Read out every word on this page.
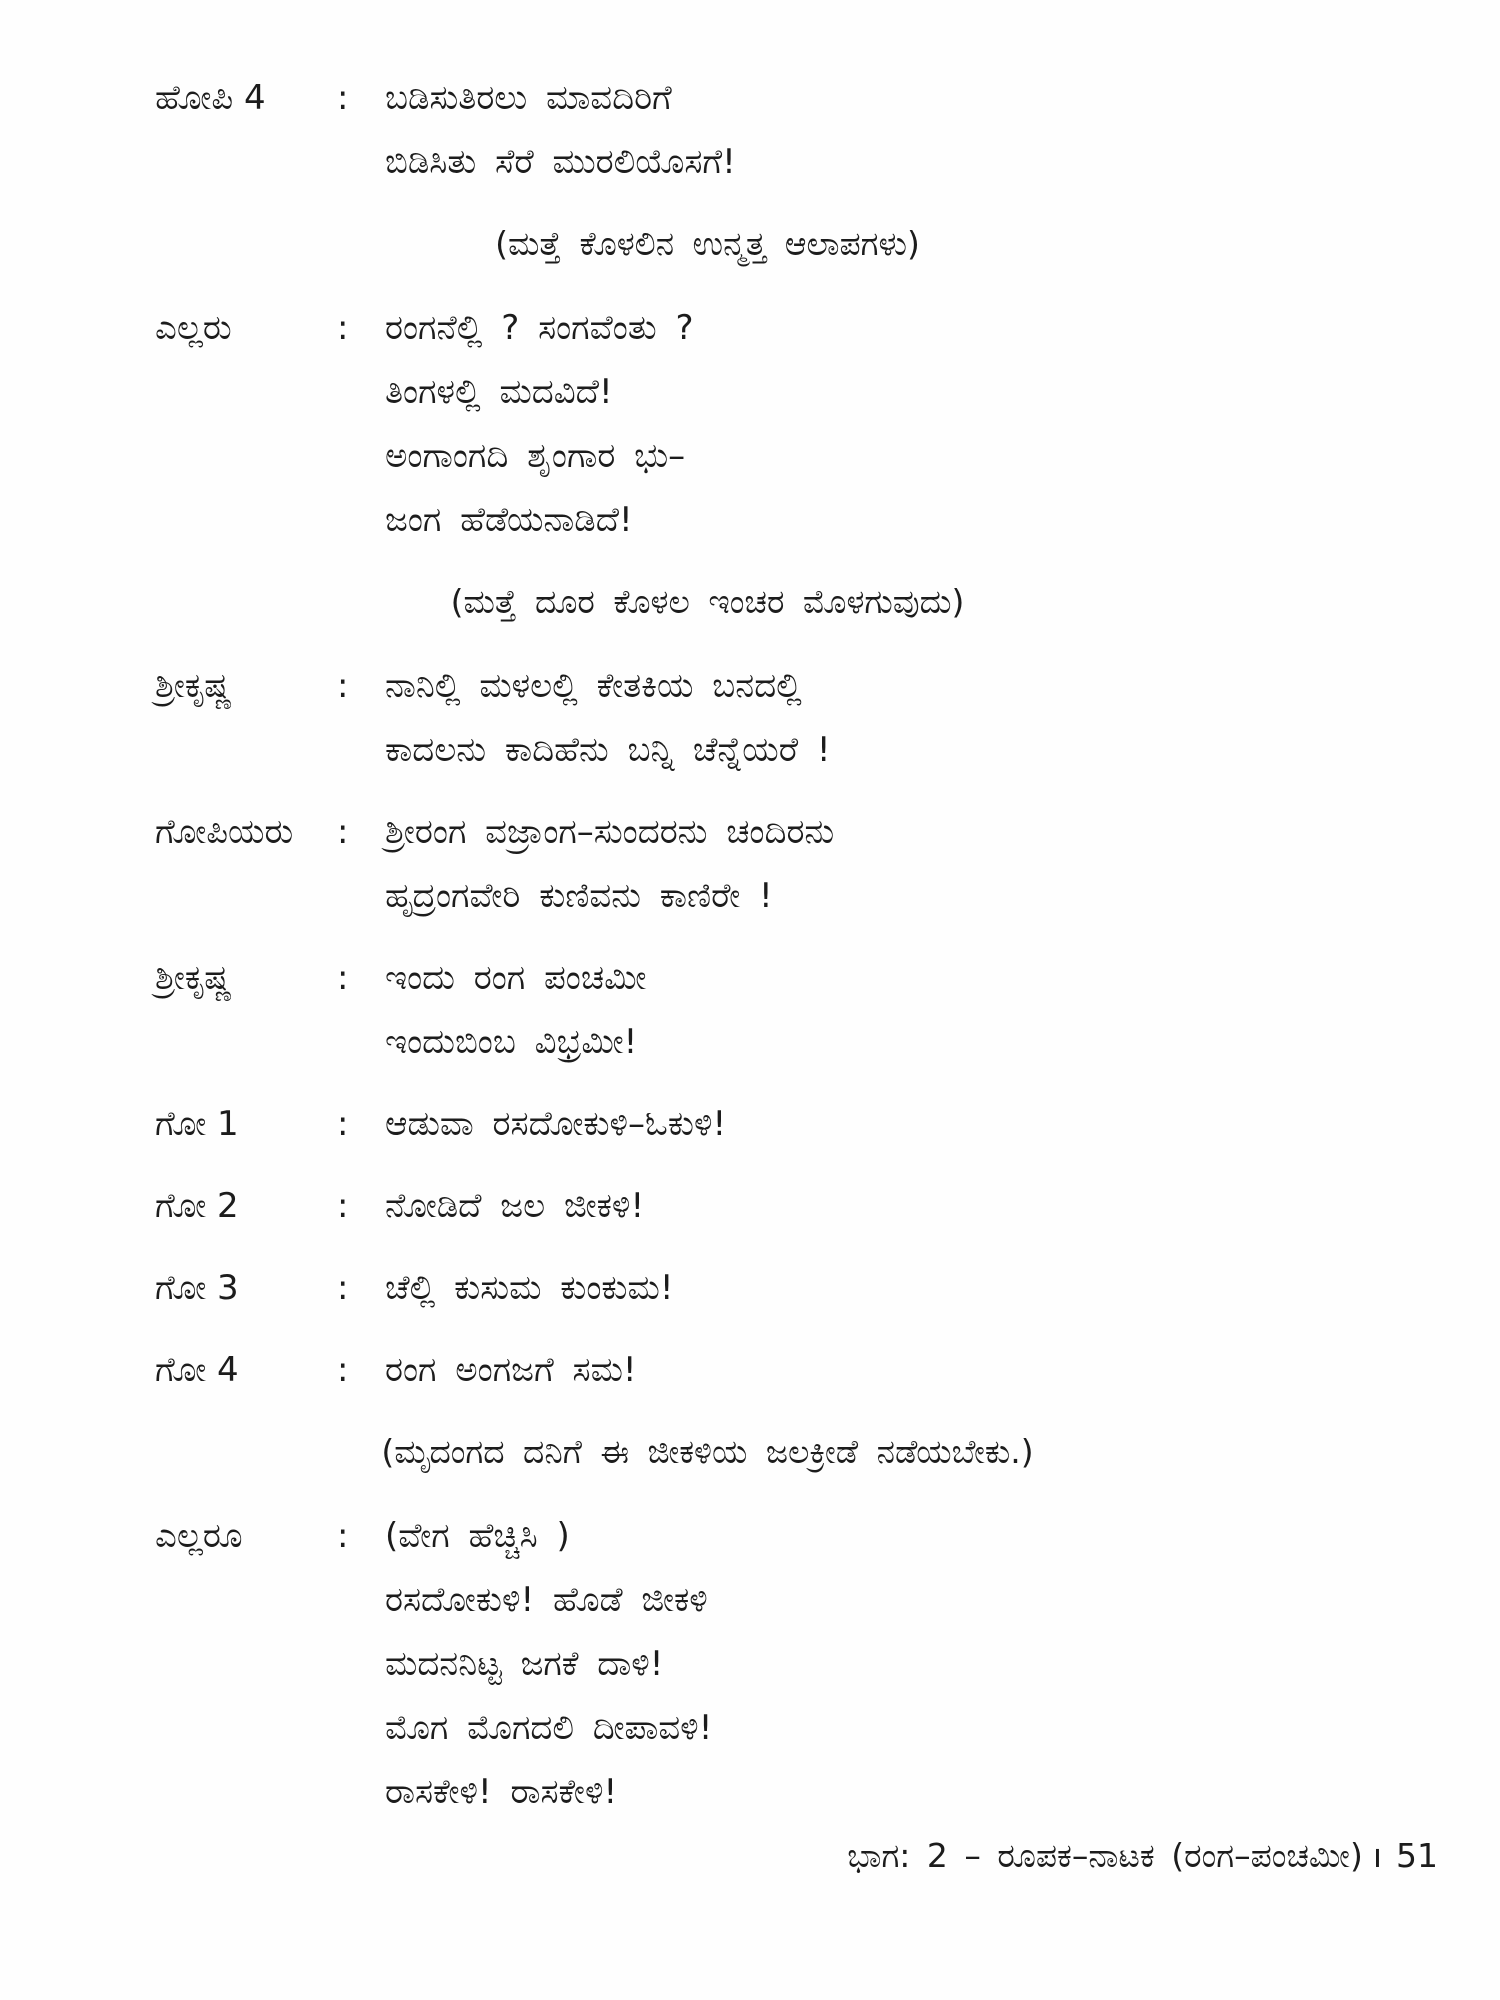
ಹೋಪಿ 4	:	ಬಡಿಸುತಿರಲು ಮಾವದಿರಿಗೆ
ಬಿಡಿಸಿತು ಸೆರೆ ಮುರಲಿಯೊಸಗೆ!
(ಮತ್ತೆ ಕೊಳಲಿನ ಉನ್ಮತ್ತ ಆಲಾಪಗಳು)
ಎಲ್ಲರು	:	ರಂಗನೆಲ್ಲಿ ? ಸಂಗವೆಂತು ?
ತಿಂಗಳಲ್ಲಿ ಮದವಿದೆ!
ಅಂಗಾಂಗದಿ ಶೃಂಗಾರ ಭು–
ಜಂಗ ಹೆಡೆಯನಾಡಿದೆ!
(ಮತ್ತೆ ದೂರ ಕೊಳಲ ಇಂಚರ ಮೊಳಗುವುದು)
ಶ್ರೀಕೃಷ್ಣ	:	ನಾನಿಲ್ಲಿ ಮಳಲಲ್ಲಿ ಕೇತಕಿಯ ಬನದಲ್ಲಿ
ಕಾದಲನು ಕಾದಿಹೆನು ಬನ್ನಿ ಚೆನ್ನೆಯರೆ !
ಗೋಪಿಯರು	:	ಶ್ರೀರಂಗ ವಜ್ರಾಂಗ–ಸುಂದರನು ಚಂದಿರನು
ಹೃದ್ರಂಗವೇರಿ ಕುಣಿವನು ಕಾಣಿರೇ !
ಶ್ರೀಕೃಷ್ಣ	:	ಇಂದು ರಂಗ ಪಂಚಮೀ
ಇಂದುಬಿಂಬ ವಿಭ್ರಮೀ!
ಗೋ 1	:	ಆಡುವಾ ರಸದೋಕುಳಿ–ಓಕುಳಿ!
ಗೋ 2	:	ನೋಡಿದೆ ಜಲ ಜೀಕಳಿ!
ಗೋ 3	:	ಚೆಲ್ಲಿ ಕುಸುಮ ಕುಂಕುಮ!
ಗೋ 4	:	ರಂಗ ಅಂಗಜಗೆ ಸಮ!
(ಮೃದಂಗದ ದನಿಗೆ ಈ ಜೀಕಳಿಯ ಜಲಕ್ರೀಡೆ ನಡೆಯಬೇಕು.)
ಎಲ್ಲರೂ	:	(ವೇಗ ಹೆಚ್ಚಿಸಿ )
ರಸದೋಕುಳಿ! ಹೊಡೆ ಜೀಕಳಿ
ಮದನನಿಟ್ಟ ಜಗಕೆ ದಾಳಿ!
ಮೊಗ ಮೊಗದಲಿ ದೀಪಾವಳಿ!
ರಾಸಕೇಳಿ! ರಾಸಕೇಳಿ!
ಭಾಗ: 2 – ರೂಪಕ–ನಾಟಕ (ರಂಗ–ಪಂಚಮೀ) ı 51
